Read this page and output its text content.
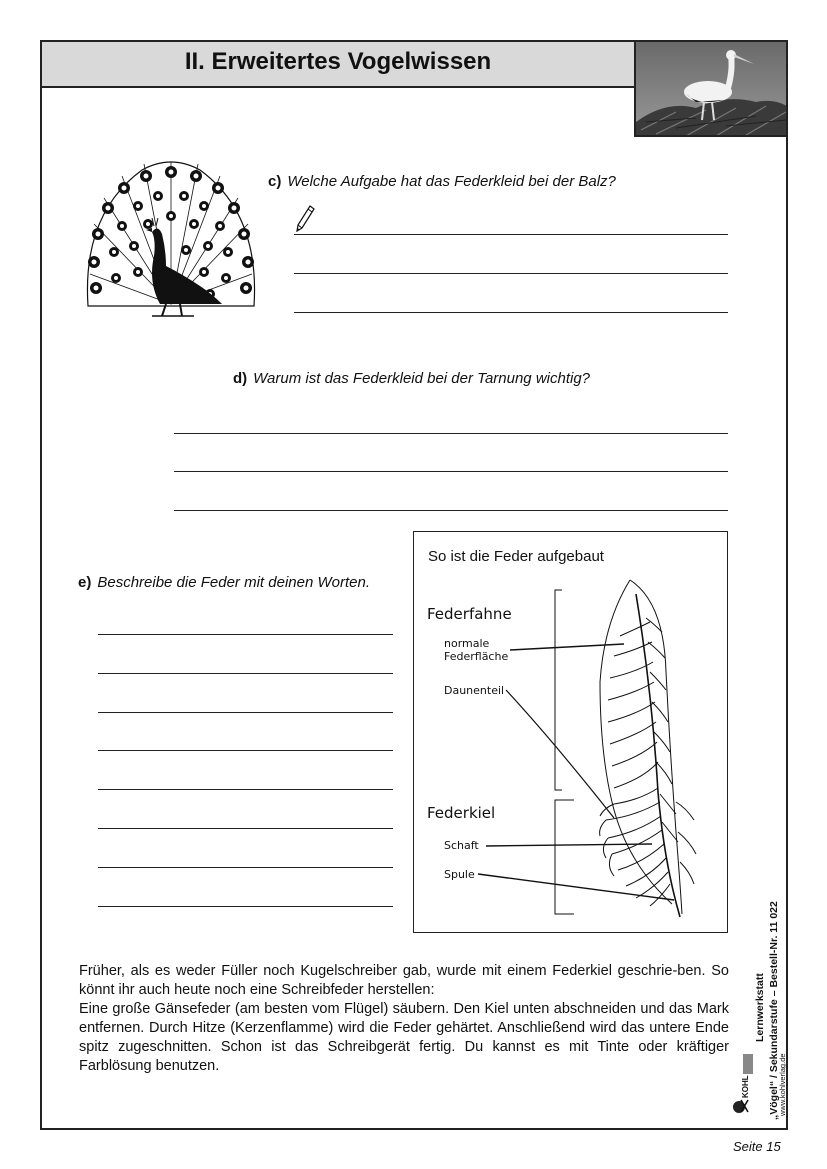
II. Erweitertes Vogelwissen
c) Welche Aufgabe hat das Federkleid bei der Balz?
d) Warum ist das Federkleid bei der Tarnung wichtig?
e) Beschreibe die Feder mit deinen Worten.
So ist die Feder aufgebaut
Federfahne
normale
Federfläche
Daunenteil
Federkiel
Schaft
Spule

Früher, als es weder Füller noch Kugelschreiber gab, wurde mit einem Federkiel geschrie-ben. So könnt ihr auch heute noch eine Schreibfeder herstellen:

Eine große Gänsefeder (am besten vom Flügel) säubern. Den Kiel unten abschneiden und das Mark entfernen. Durch Hitze (Kerzenflamme) wird die Feder gehärtet. Anschließend wird das untere Ende spitz zugeschnitten. Schon ist das Schreibgerät fertig. Du kannst es mit Tinte oder kräftiger Farblösung benutzen.

Lernwerkstatt „Vögel“ / Sekundarstufe – Bestell-Nr. 11 022
KOHL	www.kohlverlag.de
Seite 15
